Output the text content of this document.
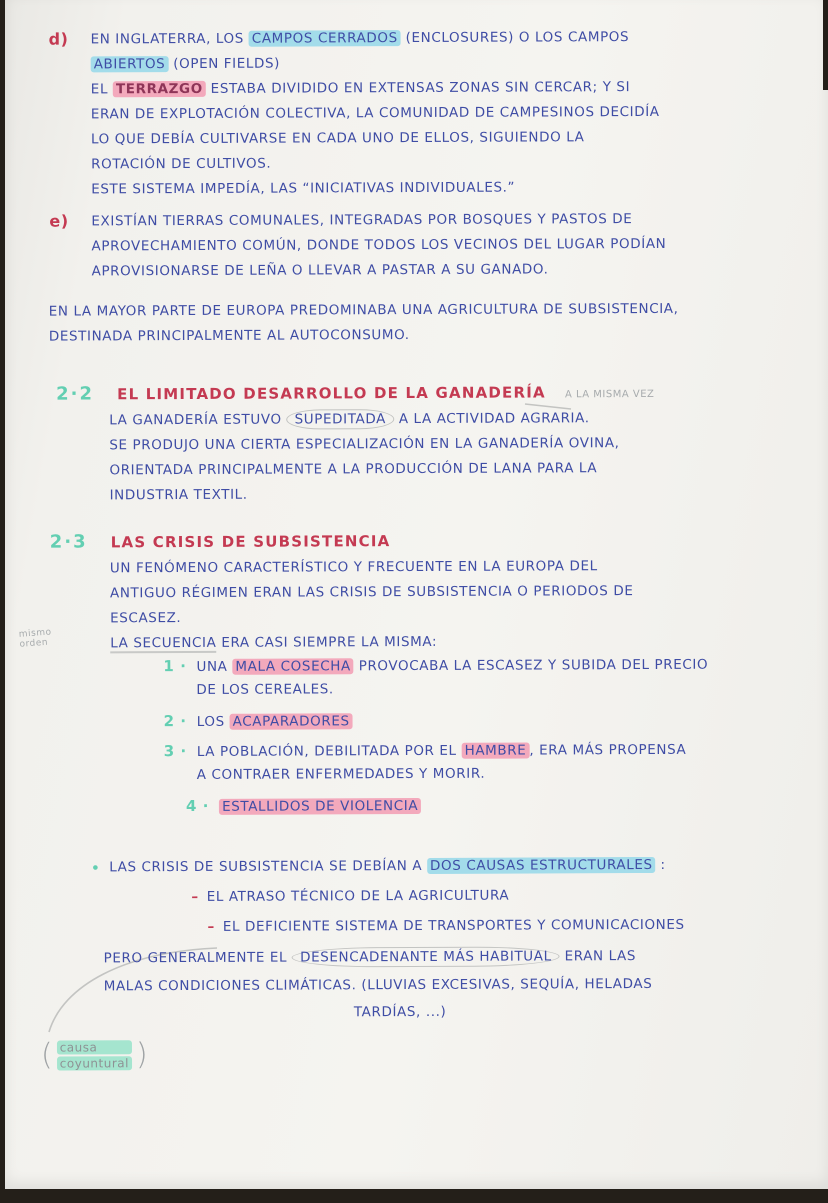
d) EN INGLATERRA, LOS CAMPOS CERRADOS (ENCLOSURES) O LOS CAMPOS
ABIERTOS (OPEN FIELDS)
EL TERRAZGO ESTABA DIVIDIDO EN EXTENSAS ZONAS SIN CERCAR; Y SI
ERAN DE EXPLOTACIÓN COLECTIVA, LA COMUNIDAD DE CAMPESINOS DECIDÍA
LO QUE DEBÍA CULTIVARSE EN CADA UNO DE ELLOS, SIGUIENDO LA
ROTACIÓN DE CULTIVOS.
ESTE SISTEMA IMPEDÍA, LAS “INICIATIVAS INDIVIDUALES.”
e) EXISTÍAN TIERRAS COMUNALES, INTEGRADAS POR BOSQUES Y PASTOS DE
APROVECHAMIENTO COMÚN, DONDE TODOS LOS VECINOS DEL LUGAR PODÍAN
APROVISIONARSE DE LEÑA O LLEVAR A PASTAR A SU GANADO.
EN LA MAYOR PARTE DE EUROPA PREDOMINABA UNA AGRICULTURA DE SUBSISTENCIA,
DESTINADA PRINCIPALMENTE AL AUTOCONSUMO.
2·2 EL LIMITADO DESARROLLO DE LA GANADERÍA A LA MISMA VEZ
LA GANADERÍA ESTUVO SUPEDITADA A LA ACTIVIDAD AGRARIA.
SE PRODUJO UNA CIERTA ESPECIALIZACIÓN EN LA GANADERÍA OVINA,
ORIENTADA PRINCIPALMENTE A LA PRODUCCIÓN DE LANA PARA LA
INDUSTRIA TEXTIL.
2·3 LAS CRISIS DE SUBSISTENCIA
UN FENÓMENO CARACTERÍSTICO Y FRECUENTE EN LA EUROPA DEL
ANTIGUO RÉGIMEN ERAN LAS CRISIS DE SUBSISTENCIA O PERIODOS DE
ESCASEZ.
LA SECUENCIA ERA CASI SIEMPRE LA MISMA:
mismo orden
1 · UNA MALA COSECHA PROVOCABA LA ESCASEZ Y SUBIDA DEL PRECIO
DE LOS CEREALES.
2 · LOS ACAPARADORES
3 · LA POBLACIÓN, DEBILITADA POR EL HAMBRE , ERA MÁS PROPENSA
A CONTRAER ENFERMEDADES Y MORIR.
4 · ESTALLIDOS DE VIOLENCIA
• LAS CRISIS DE SUBSISTENCIA SE DEBÍAN A DOS CAUSAS ESTRUCTURALES :
– EL ATRASO TÉCNICO DE LA AGRICULTURA
– EL DEFICIENTE SISTEMA DE TRANSPORTES Y COMUNICACIONES
PERO GENERALMENTE EL DESENCADENANTE MÁS HABITUAL ERAN LAS
MALAS CONDICIONES CLIMÁTICAS. (LLUVIAS EXCESIVAS, SEQUÍA, HELADAS
TARDÍAS, ...)
( causa
coyuntural )
